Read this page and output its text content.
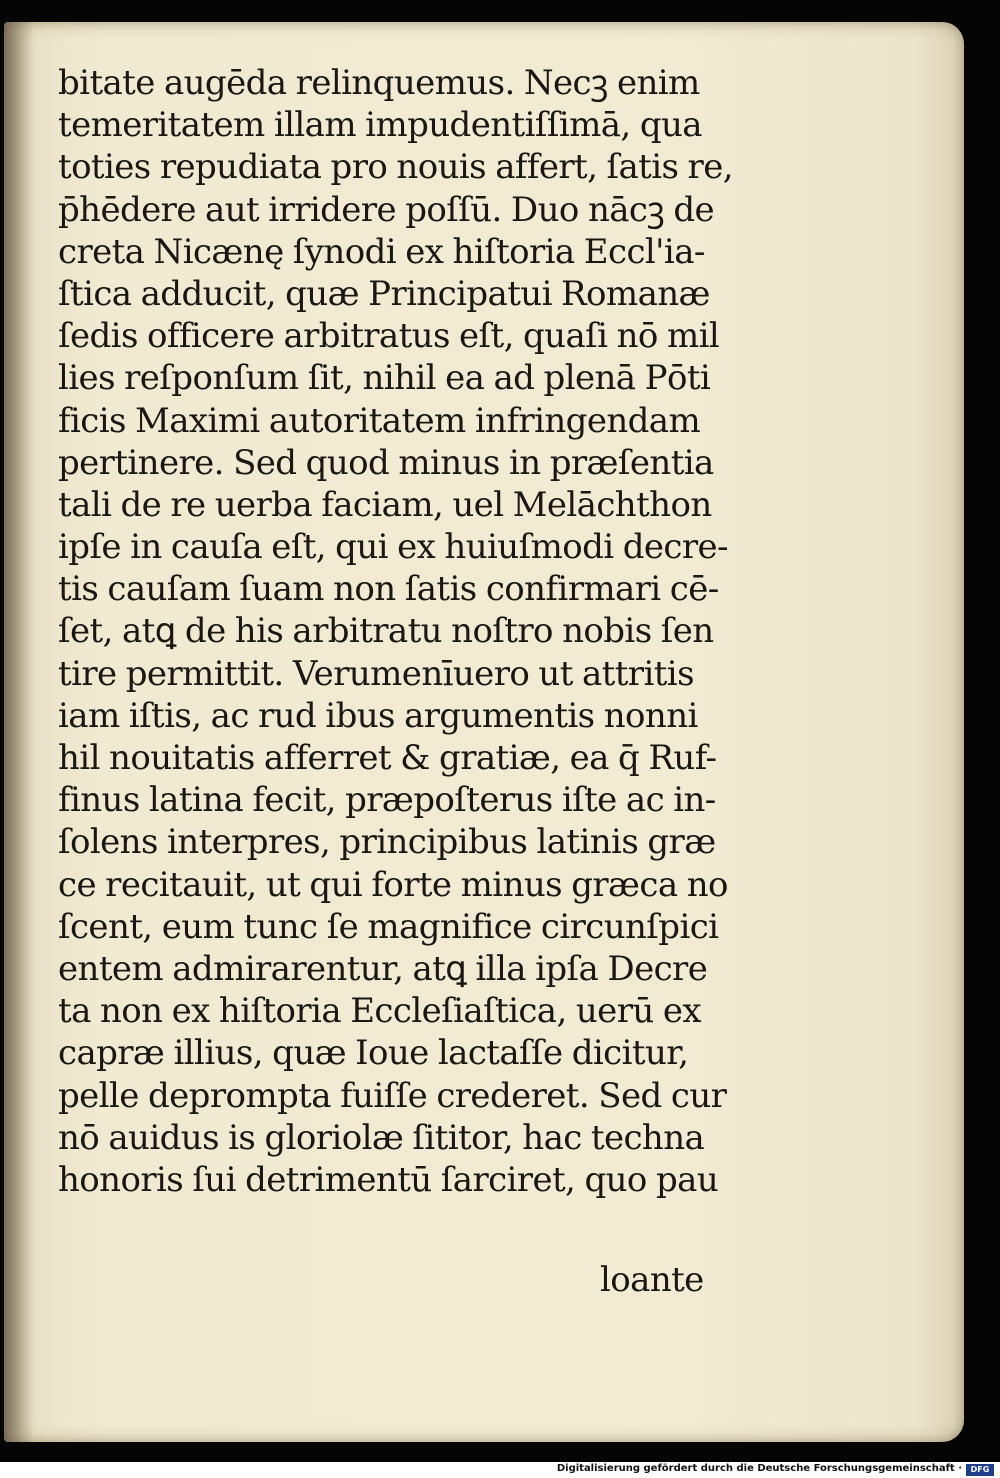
bitate augēda relinquemus. Necꝫ enim
temeritatem illam impudentiſſimā, qua
toties repudiata pro nouis affert, ſatis re,
p̄hēdere aut irridere poſſū. Duo nācꝫ de
creta Nicænę ſynodi ex hiſtoria Eccl'ia-
ſtica adducit, quæ Principatui Romanæ
ſedis officere arbitratus eſt, quaſi nō mil
lies reſponſum ſit, nihil ea ad plenā Pōti
ficis Maximi autoritatem infringendam
pertinere. Sed quod minus in præſentia
tali de re uerba faciam, uel Melāchthon
ipſe in cauſa eſt, qui ex huiuſmodi decre-
tis cauſam ſuam non ſatis confirmari cē-
ſet, atꝗ de his arbitratu noſtro nobis ſen
tire permittit. Verumenīuero ut attritis
iam iſtis, ac rud ibus argumentis nonni
hil nouitatis afferret & gratiæ, ea q̄ Ruf-
finus latina fecit, præpoſterus iſte ac in-
ſolens interpres, principibus latinis græ
ce recitauit, ut qui forte minus græca no
ſcent, eum tunc ſe magnifice circunſpici
entem admirarentur, atꝗ illa ipſa Decre
ta non ex hiſtoria Eccleſiaſtica, uerū ex
capræ illius, quæ Ioue lactaſſe dicitur,
pelle deprompta fuiſſe crederet. Sed cur
nō auidus is gloriolæ ſititor, hac techna
honoris ſui detrimentū ſarciret, quo pau
loante
Digitalisierung gefördert durch die Deutsche Forschungsgemeinschaft ·	DFG
